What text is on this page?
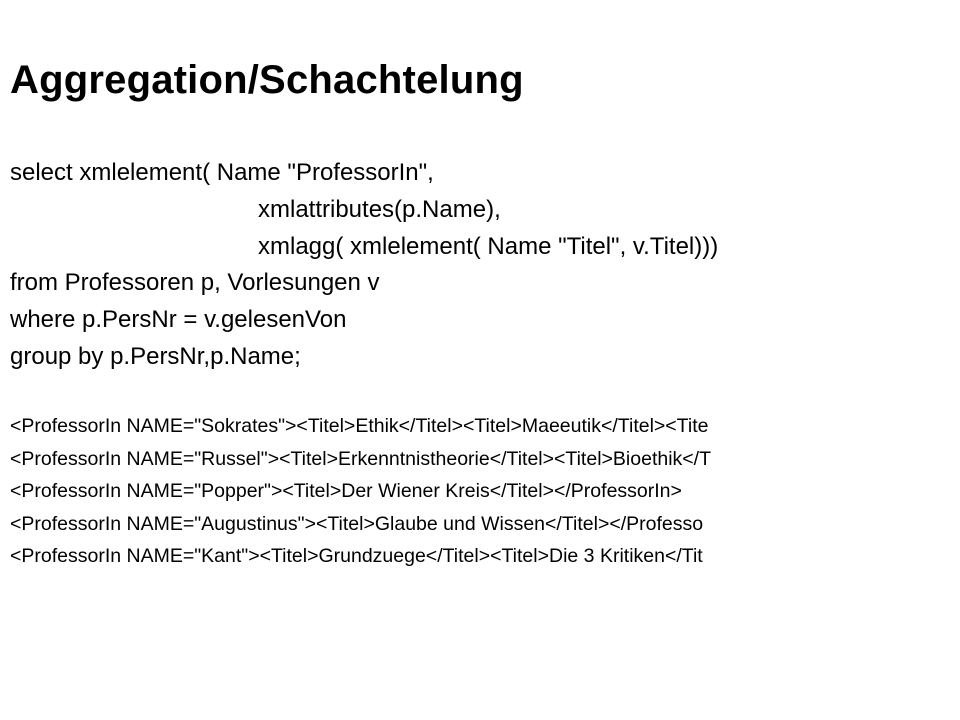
Aggregation/Schachtelung
select xmlelement( Name "ProfessorIn",
xmlattributes(p.Name),
xmlagg( xmlelement( Name "Titel", v.Titel)))
from Professoren p, Vorlesungen v
where p.PersNr = v.gelesenVon
group by p.PersNr,p.Name;
<ProfessorIn NAME="Sokrates"><Titel>Ethik</Titel><Titel>Maeeutik</Titel><Tite
<ProfessorIn NAME="Russel"><Titel>Erkenntnistheorie</Titel><Titel>Bioethik</T
<ProfessorIn NAME="Popper"><Titel>Der Wiener Kreis</Titel></ProfessorIn>
<ProfessorIn NAME="Augustinus"><Titel>Glaube und Wissen</Titel></Professo
<ProfessorIn NAME="Kant"><Titel>Grundzuege</Titel><Titel>Die 3 Kritiken</Tit
